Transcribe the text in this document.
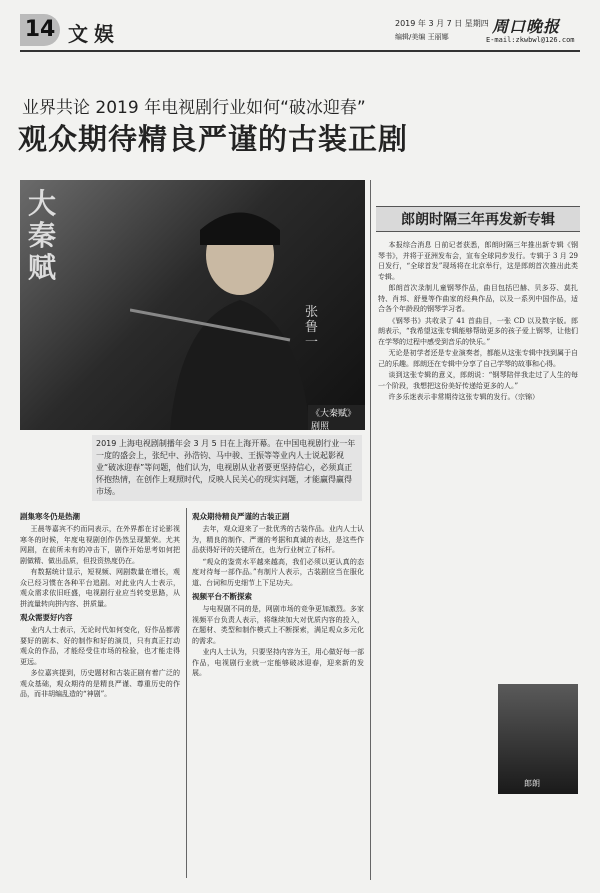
14 文娱	2019 年 3 月 7 日 星期四
编辑/美编 王丽娜
周口晚报
E-mail:zkwbwl@126.com
业界共论 2019 年电视剧行业如何“破冰迎春”
观众期待精良严谨的古装正剧
大秦赋
张鲁一
《大秦赋》剧照
2019 上海电视剧制播年会 3 月 5 日在上海开幕。在中国电视剧行业一年一度的盛会上，张纪中、孙浩钧、马中骏、王振等等业内人士说起影视业“破冰迎春”等问题，他们认为，电视剧从业者要更坚持信心，必须真正怀抱热情，在创作上观照时代，反映人民关心的现实问题，才能赢得赢得市场。
剧集寒冬仍是热潮

王晨等嘉宾不约而同表示，在外界都在讨论影视寒冬的时候，年度电视剧创作仍然呈现繁荣。尤其网剧，在前所未有的冲击下，剧作开始思考如何把剧做精、做出品质，但投资热度仍在。

有数据统计显示，短视频、网剧数量在增长，观众已经习惯在各种平台追剧。对此业内人士表示，观众需求依旧旺盛，电视剧行业应当转变思路，从拼流量转向拼内容、拼质量。

观众需要好内容

业内人士表示，无论时代如何变化，好作品都需要好的剧本、好的制作和好的演员，只有真正打动观众的作品，才能经受住市场的检验，也才能走得更远。

多位嘉宾提到，历史题材和古装正剧有着广泛的观众基础，观众期待的是精良严谨、尊重历史的作品，而非胡编乱造的“神剧”。

观众期待精良严谨的古装正剧

去年，观众迎来了一批优秀的古装作品。业内人士认为，精良的制作、严谨的考据和真诚的表达，是这些作品获得好评的关键所在，也为行业树立了标杆。

“观众的鉴赏水平越来越高，我们必须以更认真的态度对待每一部作品。”有制片人表示，古装剧应当在服化道、台词和历史细节上下足功夫。

视频平台不断探索

与电视剧不同的是，网剧市场的竞争更加激烈。多家视频平台负责人表示，将继续加大对优质内容的投入，在题材、类型和制作模式上不断探索，满足观众多元化的需求。

业内人士认为，只要坚持内容为王，用心做好每一部作品，电视剧行业就一定能够破冰迎春，迎来新的发展。

郎朗时隔三年再发新专辑

本报综合消息 日前记者获悉，郎朗时隔三年推出新专辑《钢琴书》，并将于亚洲发布会，宣布全球同步发行。专辑于 3 月 29 日发行，“全球首发”现场将在北京举行，这是郎朗首次推出此类专辑。

郎朗首次录制儿童钢琴作品，曲目包括巴赫、贝多芬、莫扎特、肖邦、舒曼等作曲家的经典作品，以及一系列中国作品，适合各个年龄段的钢琴学习者。

《钢琴书》共收录了 41 首曲目，一张 CD 以及数字版。郎朗表示，“我希望这张专辑能够帮助更多的孩子爱上钢琴，让他们在学琴的过程中感受到音乐的快乐。”

无论是初学者还是专业演奏者，都能从这张专辑中找到属于自己的乐趣。郎朗还在专辑中分享了自己学琴的故事和心得。

谈到这张专辑的意义，郎朗说：“钢琴陪伴我走过了人生的每一个阶段，我想把这份美好传递给更多的人。”

许多乐迷表示非常期待这张专辑的发行。（宗锦）

郎朗
